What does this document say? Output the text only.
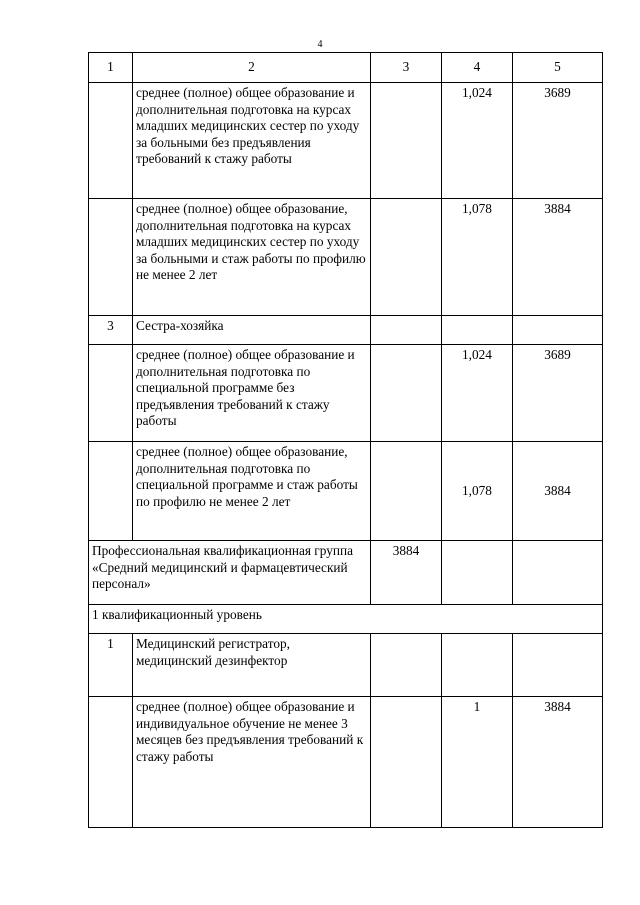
4
1	2	3	4	5
	среднее (полное) общее образование и дополнительная подготовка на курсах младших медицинских сестер по уходу за больными без предъявления требований к стажу работы		1,024	3689
	среднее (полное) общее образование, дополнительная подготовка на курсах младших медицинских сестер по уходу за больными и стаж работы по профилю не менее 2 лет		1,078	3884
3	Сестра-хозяйка			
	среднее (полное) общее образование и дополнительная подготовка по специальной программе без предъявления требований к стажу работы		1,024	3689
	среднее (полное) общее образование, дополнительная подготовка по специальной программе и стаж работы по профилю не менее 2 лет		1,078	3884
Профессиональная квалификационная группа «Средний медицинский и фармацевтический персонал»		3884		
1 квалификационный уровень				
1	Медицинский регистратор, медицинский дезинфектор			
	среднее (полное) общее образование и индивидуальное обучение не менее 3 месяцев без предъявления требований к стажу работы		1	3884
